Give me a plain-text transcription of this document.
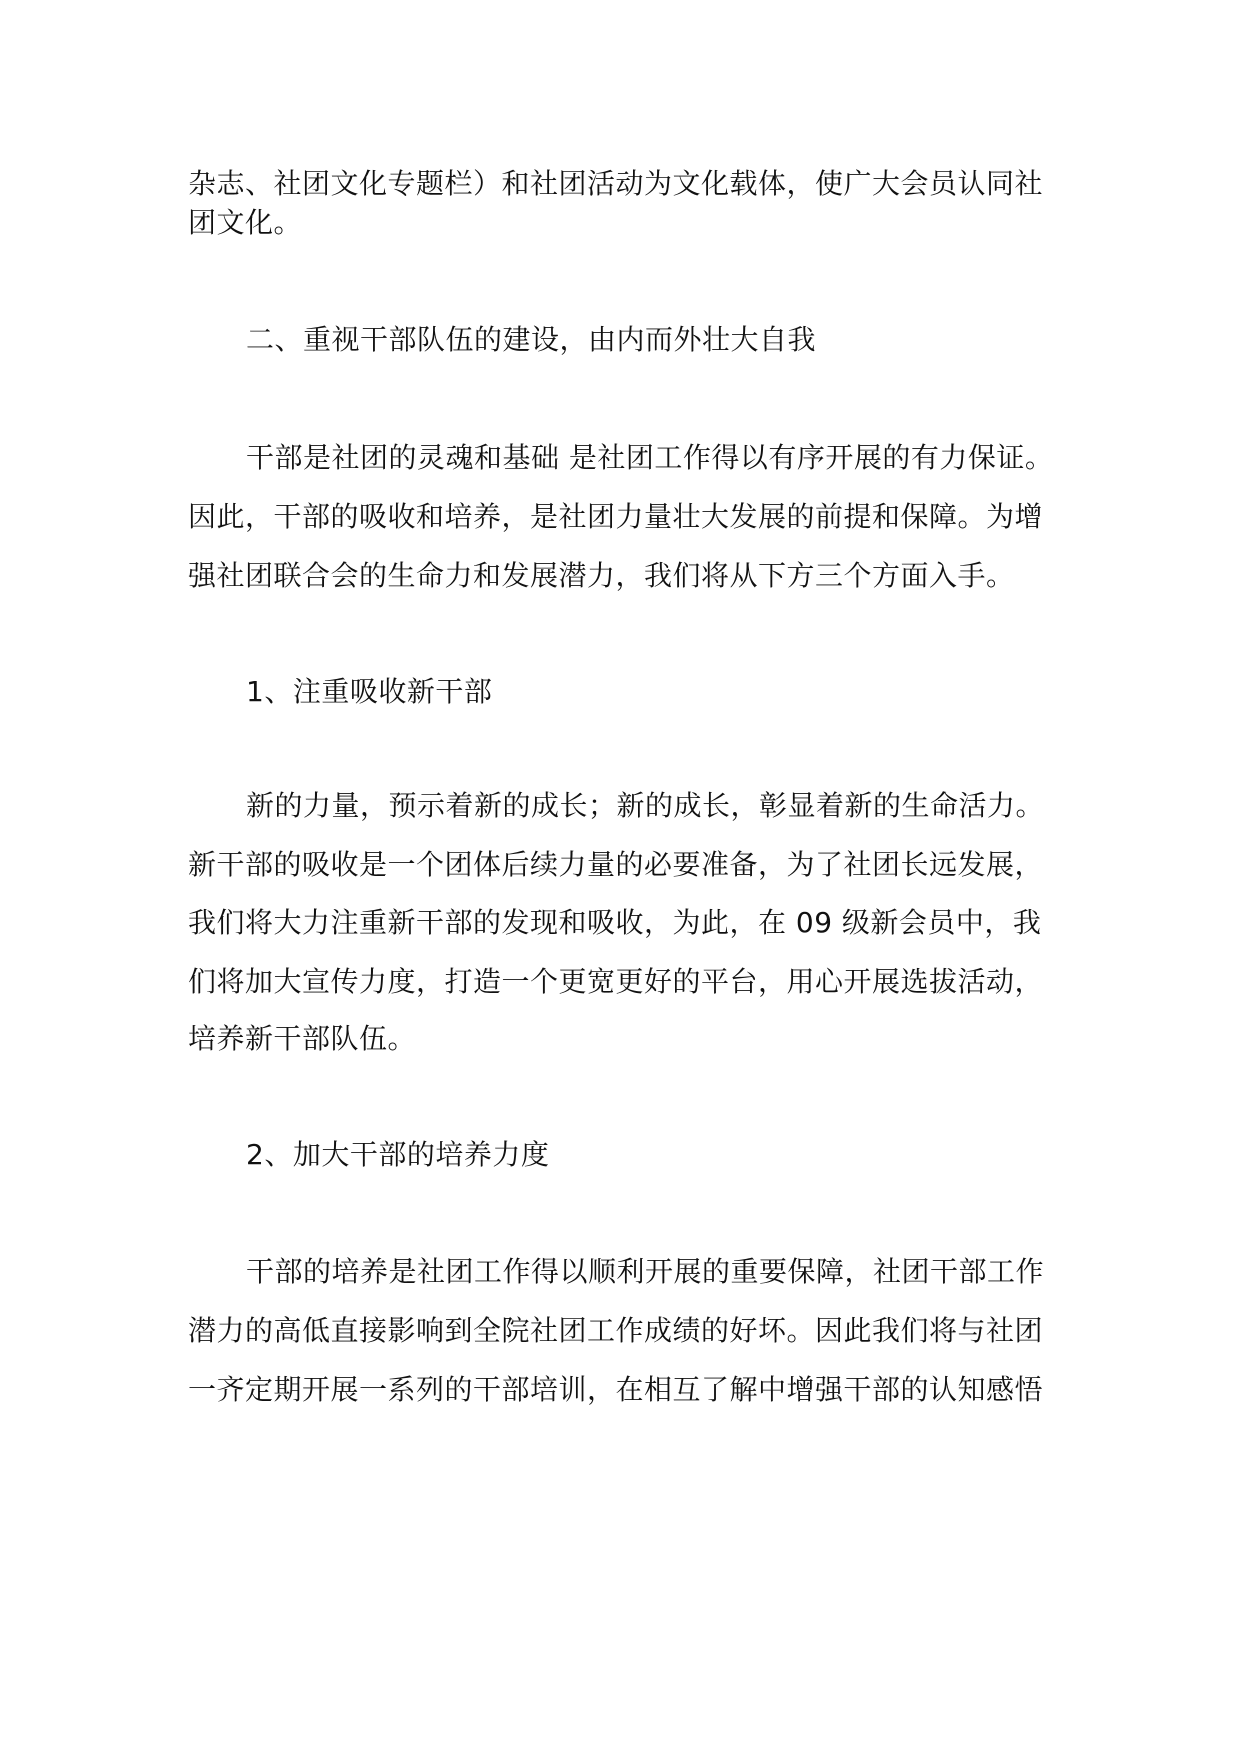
杂志、社团文化专题栏）和社团活动为文化载体，使广大会员认同社
团文化。
二、重视干部队伍的建设，由内而外壮大自我
干部是社团的灵魂和基础 是社团工作得以有序开展的有力保证。
因此，干部的吸收和培养，是社团力量壮大发展的前提和保障。为增
强社团联合会的生命力和发展潜力，我们将从下方三个方面入手。
1、注重吸收新干部
新的力量，预示着新的成长；新的成长，彰显着新的生命活力。
新干部的吸收是一个团体后续力量的必要准备，为了社团长远发展，
我们将大力注重新干部的发现和吸收，为此，在 09 级新会员中，我
们将加大宣传力度，打造一个更宽更好的平台，用心开展选拔活动，
培养新干部队伍。
2、加大干部的培养力度
干部的培养是社团工作得以顺利开展的重要保障，社团干部工作
潜力的高低直接影响到全院社团工作成绩的好坏。因此我们将与社团
一齐定期开展一系列的干部培训，在相互了解中增强干部的认知感悟
